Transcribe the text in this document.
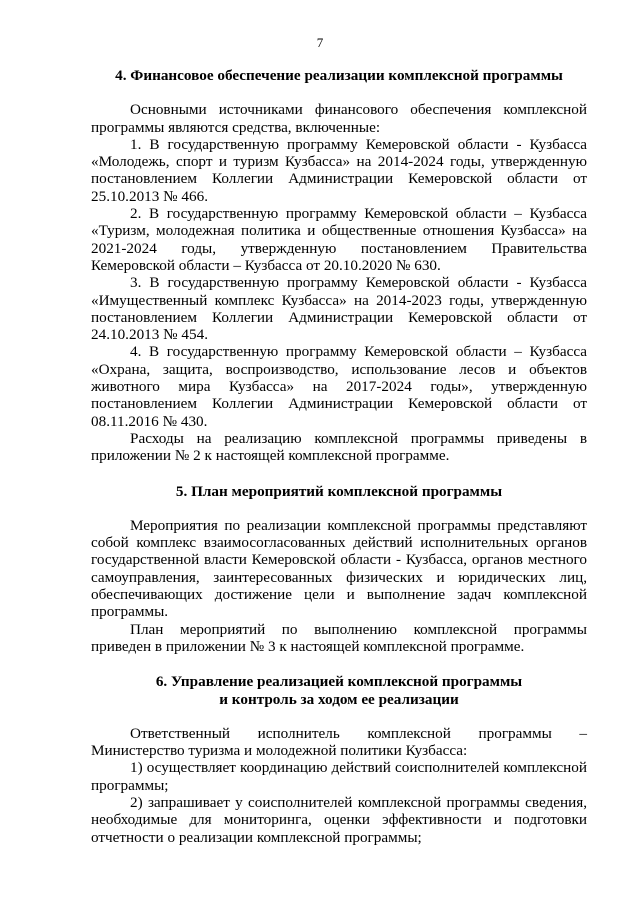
7
4. Финансовое обеспечение реализации комплексной программы

Основными источниками финансового обеспечения комплексной программы являются средства, включенные:

1. В государственную программу Кемеровской области - Кузбасса «Молодежь, спорт и туризм Кузбасса» на 2014-2024 годы, утвержденную постановлением Коллегии Администрации Кемеровской области от 25.10.2013 № 466.

2. В государственную программу Кемеровской области – Кузбасса «Туризм, молодежная политика и общественные отношения Кузбасса» на 2021-2024 годы, утвержденную постановлением Правительства Кемеровской области – Кузбасса от 20.10.2020 № 630.

3. В государственную программу Кемеровской области - Кузбасса «Имущественный комплекс Кузбасса» на 2014-2023 годы, утвержденную постановлением Коллегии Администрации Кемеровской области от 24.10.2013 № 454.

4. В государственную программу Кемеровской области – Кузбасса «Охрана, защита, воспроизводство, использование лесов и объектов животного мира Кузбасса» на 2017-2024 годы», утвержденную постановлением Коллегии Администрации Кемеровской области от 08.11.2016 № 430.

Расходы на реализацию комплексной программы приведены в приложении № 2 к настоящей комплексной программе.

5. План мероприятий комплексной программы

Мероприятия по реализации комплексной программы представляют собой комплекс взаимосогласованных действий исполнительных органов государственной власти Кемеровской области - Кузбасса, органов местного самоуправления, заинтересованных физических и юридических лиц, обеспечивающих достижение цели и выполнение задач комплексной программы.

План мероприятий по выполнению комплексной программы приведен в приложении № 3 к настоящей комплексной программе.

6. Управление реализацией комплексной программы
и контроль за ходом ее реализации

Ответственный исполнитель комплексной программы – Министерство туризма и молодежной политики Кузбасса:

1) осуществляет координацию действий соисполнителей комплексной программы;

2) запрашивает у соисполнителей комплексной программы сведения, необходимые для мониторинга, оценки эффективности и подготовки отчетности о реализации комплексной программы;
